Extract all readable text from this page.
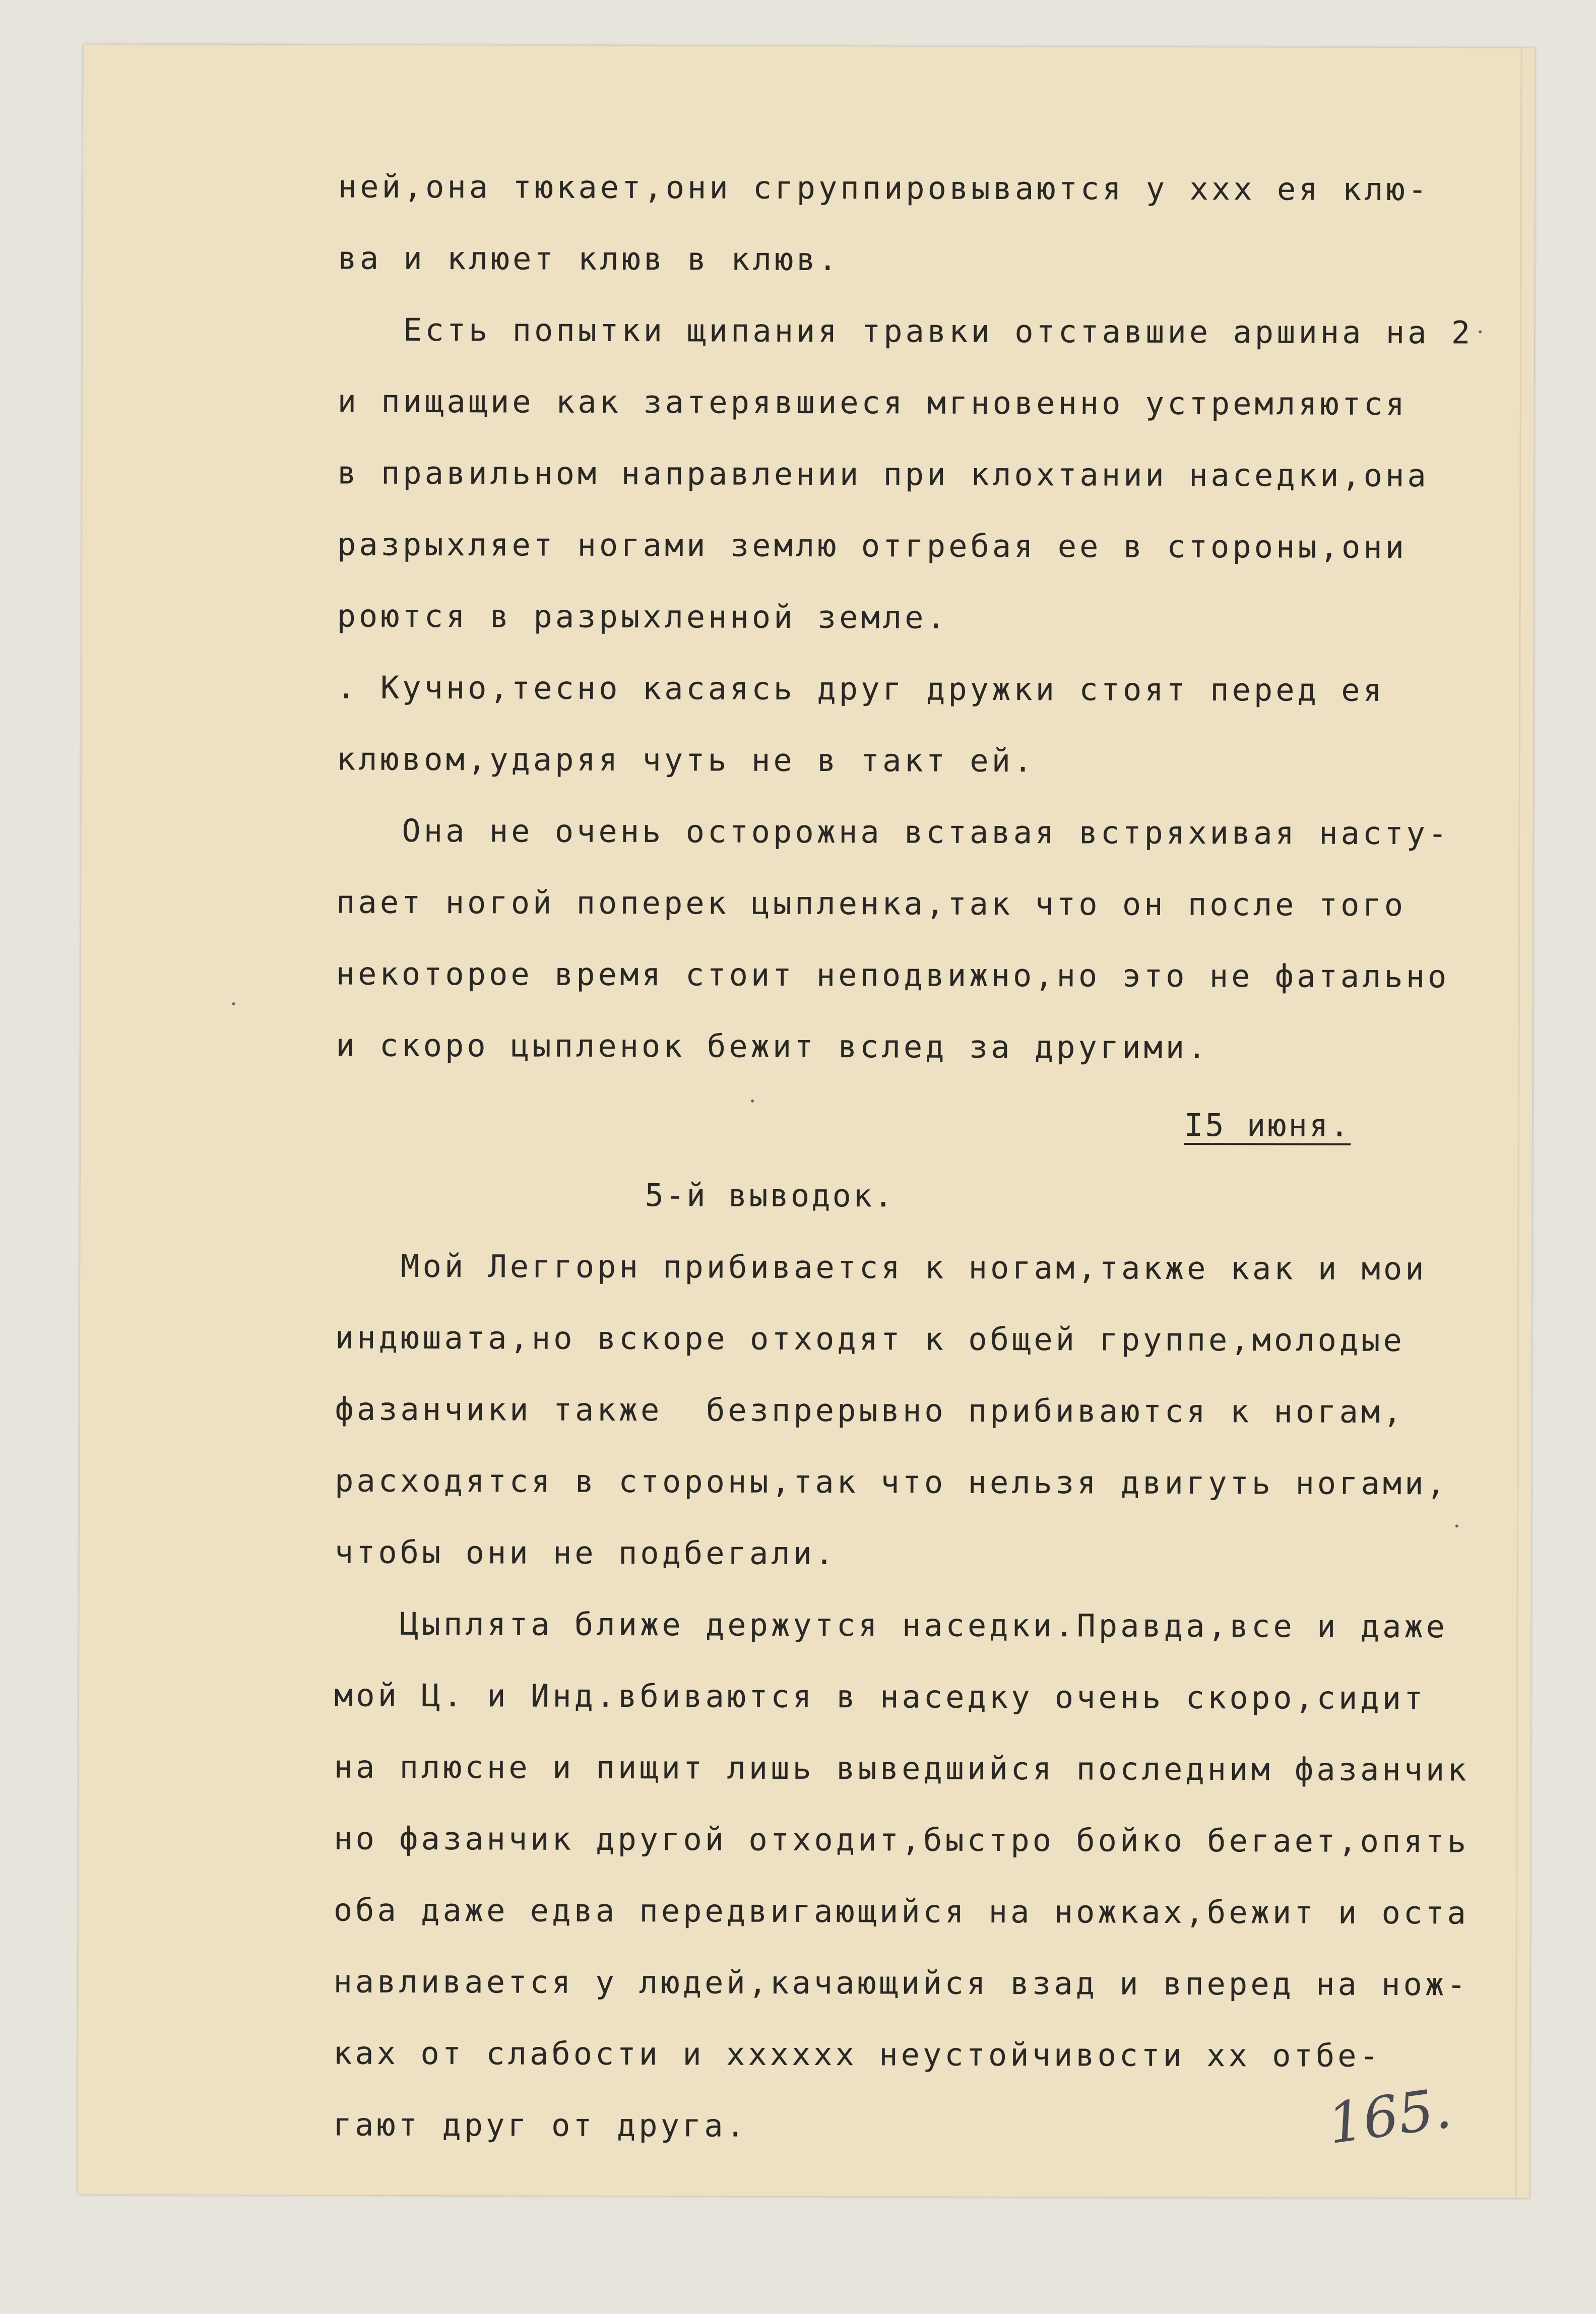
ней,она тюкает,они сгруппировываются у ххх ея клю-
ва и клюет клюв в клюв.
Есть попытки щипания травки отставшие аршина на 2
и пищащие как затерявшиеся мгновенно устремляются
в правильном направлении при клохтании наседки,она
разрыхляет ногами землю отгребая ее в стороны,они
роются в разрыхленной земле.
. Кучно,тесно касаясь друг дружки стоят перед ея
клювом,ударяя чуть не в такт ей.
Она не очень осторожна вставая встряхивая насту-
пает ногой поперек цыпленка,так что он после того
некоторое время стоит неподвижно,но это не фатально
и скоро цыпленок бежит вслед за другими.
I5 июня.
5-й выводок.
Мой Леггорн прибивается к ногам,также как и мои
индюшата,но вскоре отходят к общей группе,молодые
фазанчики также  безпрерывно прибиваются к ногам,
расходятся в стороны,так что нельзя двигуть ногами,
чтобы они не подбегали.
Цыплята ближе держутся наседки.Правда,все и даже
мой Ц. и Инд.вбиваются в наседку очень скоро,сидит
на плюсне и пищит лишь выведшийся последним фазанчик
но фазанчик другой отходит,быстро бойко бегает,опять
оба даже едва передвигающийся на ножках,бежит и оста
навливается у людей,качающийся взад и вперед на нож-
ках от слабости и хххххх неустойчивости хх отбе-
гают друг от друга.	165.
